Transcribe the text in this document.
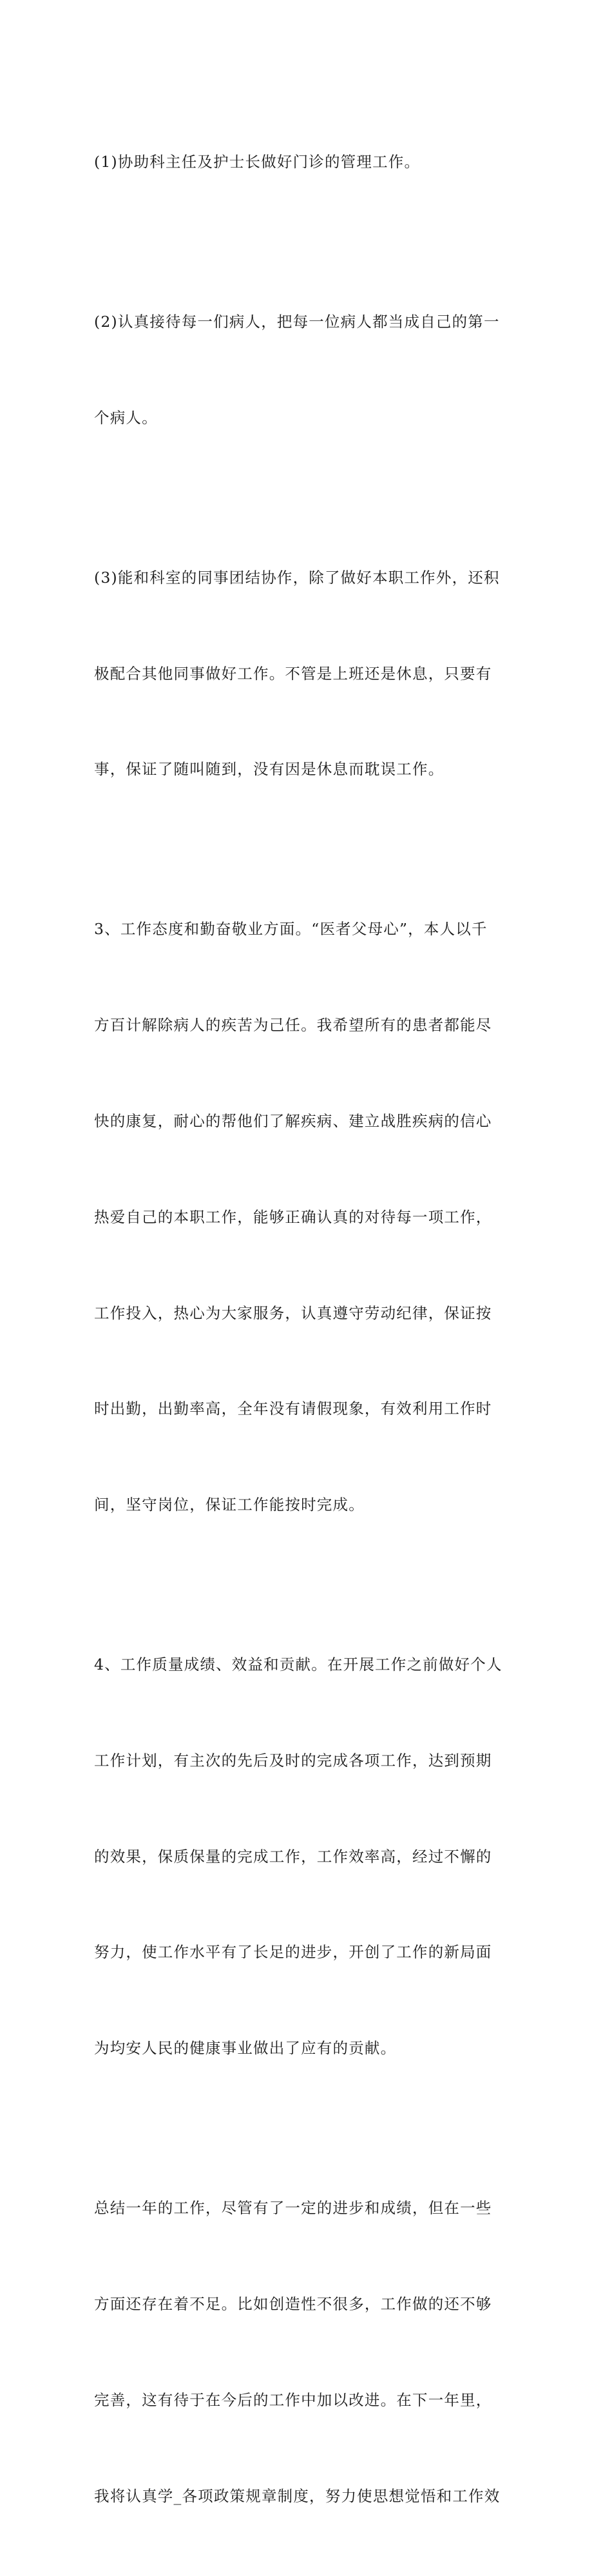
(1)协助科主任及护士长做好门诊的管理工作。

(2)认真接待每一们病人，把每一位病人都当成自己的第一

个病人。

(3)能和科室的同事团结协作，除了做好本职工作外，还积

极配合其他同事做好工作。不管是上班还是休息，只要有

事，保证了随叫随到，没有因是休息而耽误工作。

3、工作态度和勤奋敬业方面。“医者父母心”，本人以千

方百计解除病人的疾苦为己任。我希望所有的患者都能尽

快的康复，耐心的帮他们了解疾病、建立战胜疾病的信心

热爱自己的本职工作，能够正确认真的对待每一项工作，

工作投入，热心为大家服务，认真遵守劳动纪律，保证按

时出勤，出勤率高，全年没有请假现象，有效利用工作时

间，坚守岗位，保证工作能按时完成。

4、工作质量成绩、效益和贡献。在开展工作之前做好个人

工作计划，有主次的先后及时的完成各项工作，达到预期

的效果，保质保量的完成工作，工作效率高，经过不懈的

努力，使工作水平有了长足的进步，开创了工作的新局面

为均安人民的健康事业做出了应有的贡献。

总结一年的工作，尽管有了一定的进步和成绩，但在一些

方面还存在着不足。比如创造性不很多，工作做的还不够

完善，这有待于在今后的工作中加以改进。在下一年里，

我将认真学_各项政策规章制度，努力使思想觉悟和工作效
